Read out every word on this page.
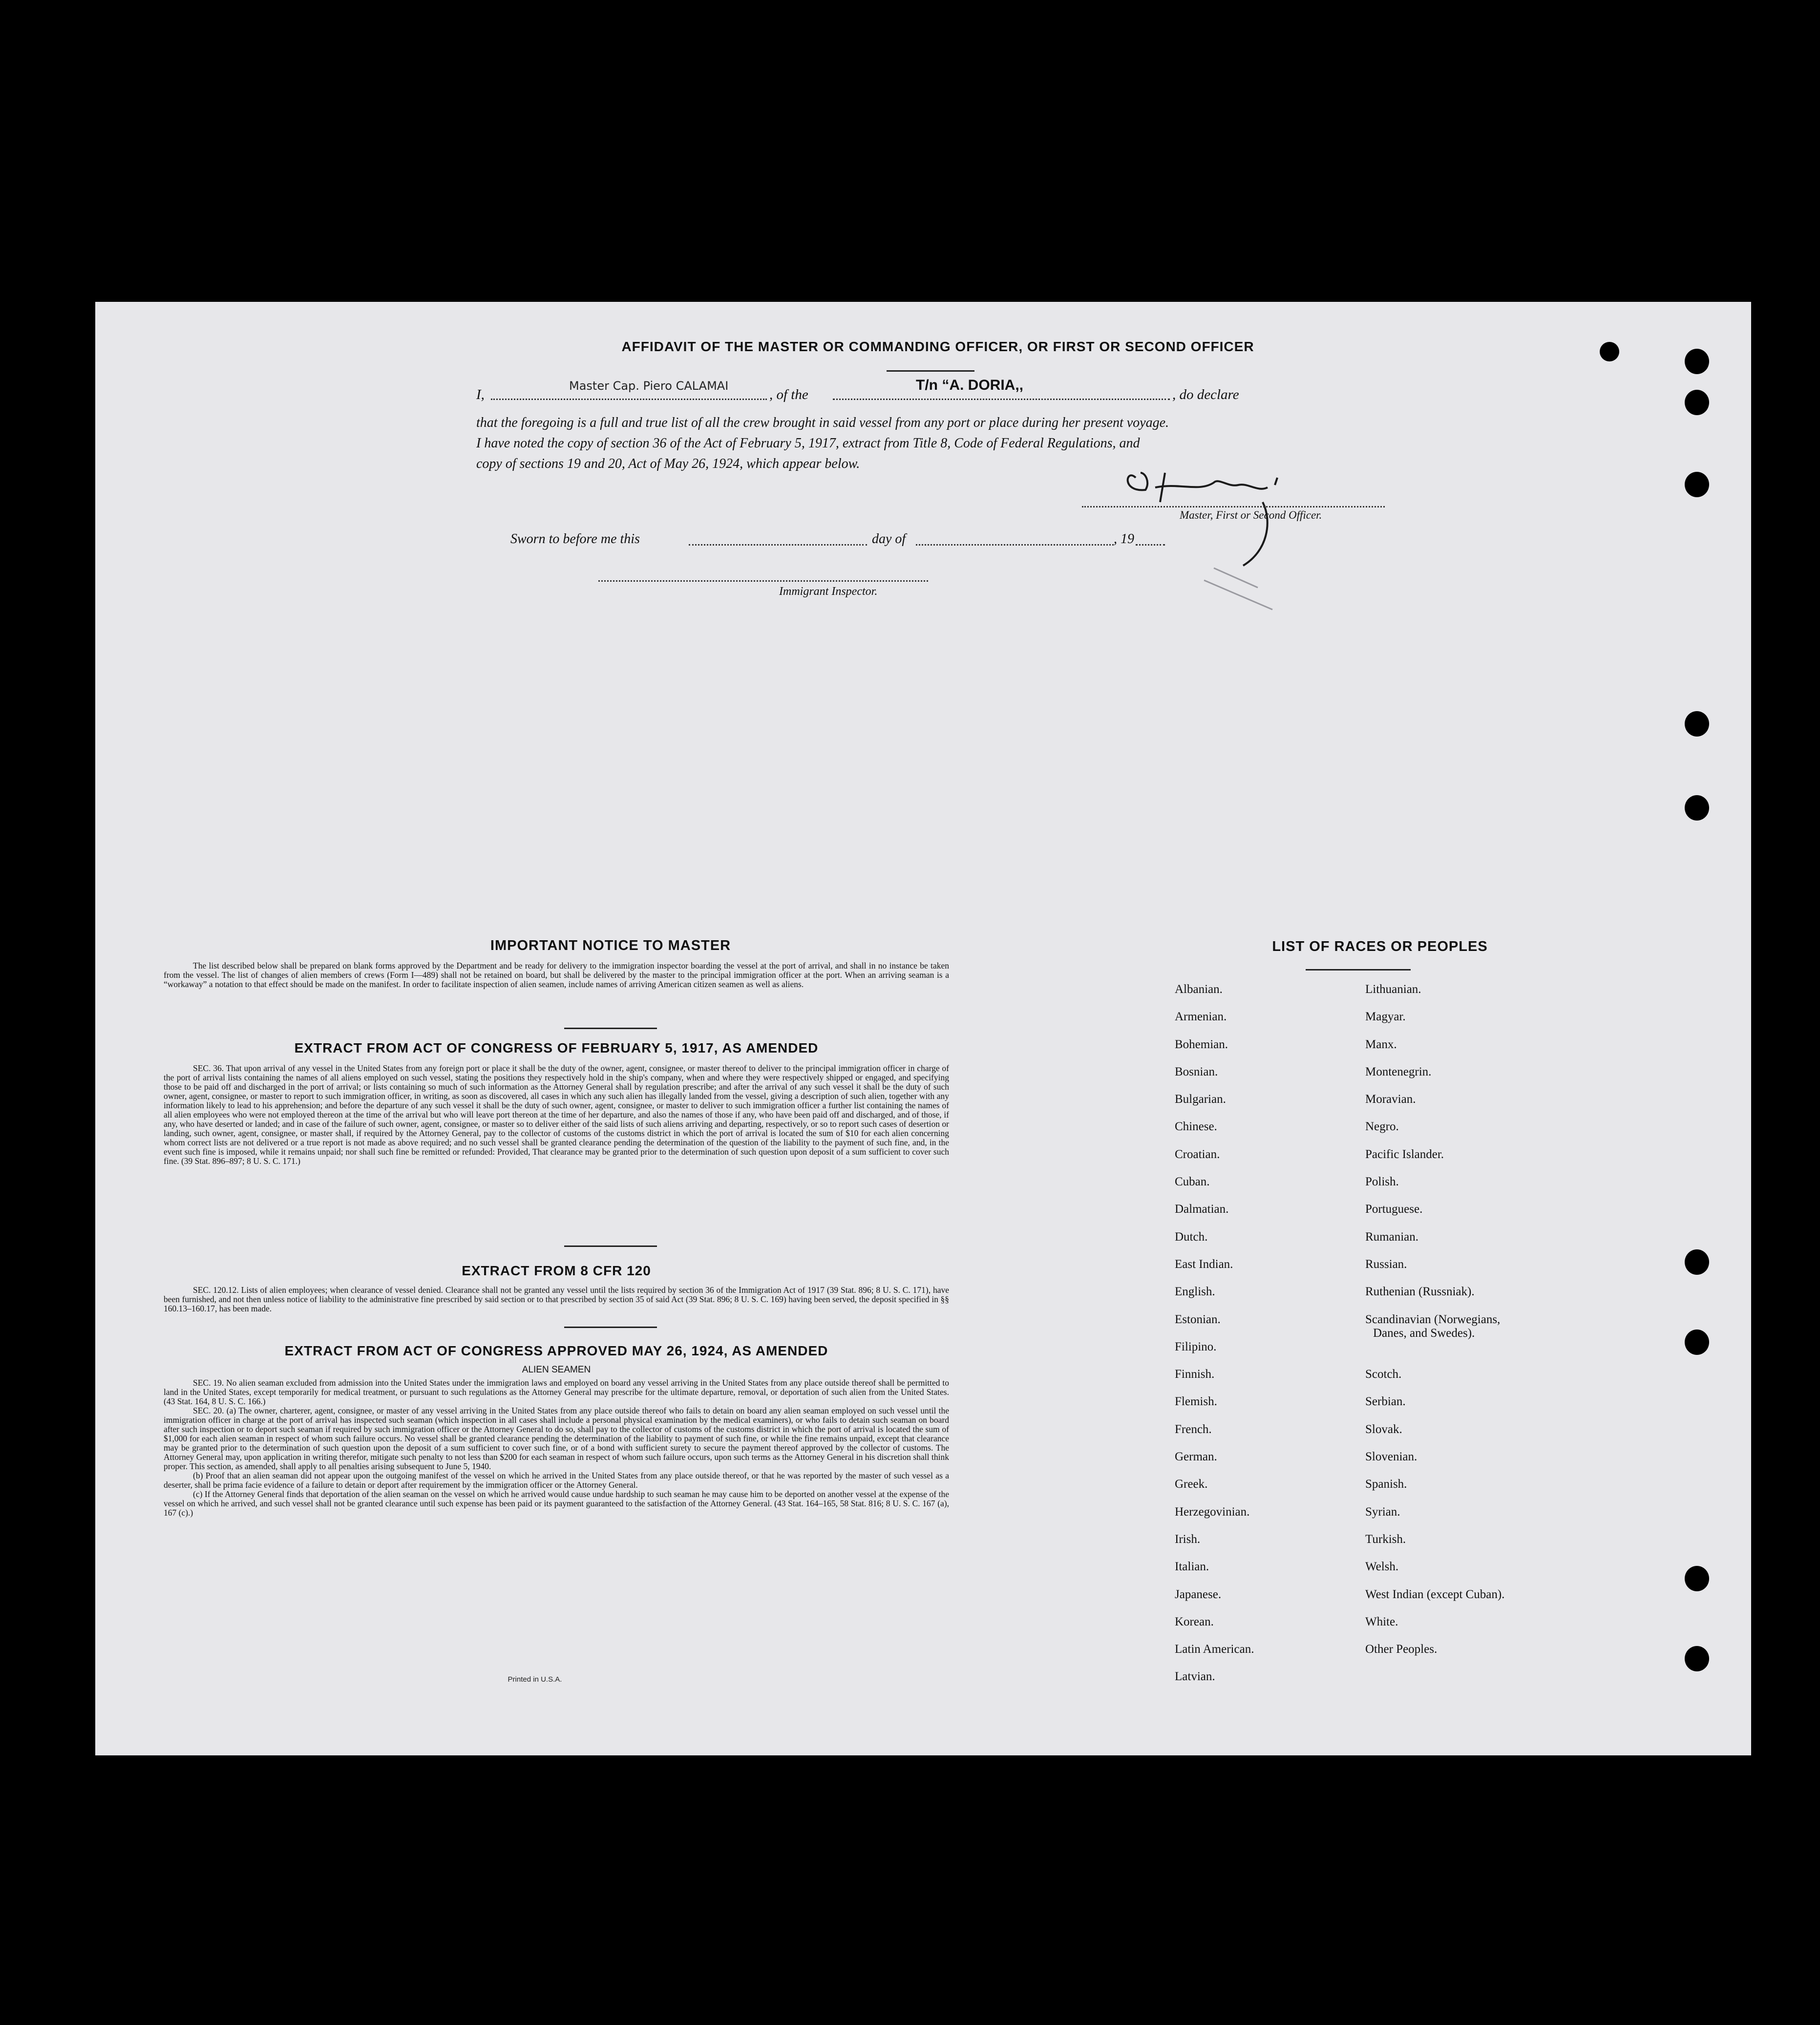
AFFIDAVIT OF THE MASTER OR COMMANDING OFFICER, OR FIRST OR SECOND OFFICER
I,
Master Cap. Piero CALAMAI
, of the
T/n “A. DORIA,,
, do declare
that the foregoing is a full and true list of all the crew brought in said vessel from any port or place during her present voyage.
I have noted the copy of section 36 of the Act of February 5, 1917, extract from Title 8, Code of Federal Regulations, and
copy of sections 19 and 20, Act of May 26, 1924, which appear below.
Master, First or Second Officer.
Sworn to before me this	day of	, 19
Immigrant Inspector.
IMPORTANT NOTICE TO MASTER
The list described below shall be prepared on blank forms approved by the Department and be ready for delivery to the immigration inspector boarding the vessel at the port of arrival, and shall in no instance be taken from the vessel. The list of changes of alien members of crews (Form I—489) shall not be retained on board, but shall be delivered by the master to the principal immigration officer at the port. When an arriving seaman is a “workaway” a notation to that effect should be made on the manifest. In order to facilitate inspection of alien seamen, include names of arriving American citizen seamen as well as aliens.
EXTRACT FROM ACT OF CONGRESS OF FEBRUARY 5, 1917, AS AMENDED
SEC. 36. That upon arrival of any vessel in the United States from any foreign port or place it shall be the duty of the owner, agent, consignee, or master thereof to deliver to the principal immigration officer in charge of the port of arrival lists containing the names of all aliens employed on such vessel, stating the positions they respectively hold in the ship's company, when and where they were respectively shipped or engaged, and specifying those to be paid off and discharged in the port of arrival; or lists containing so much of such information as the Attorney General shall by regulation prescribe; and after the arrival of any such vessel it shall be the duty of such owner, agent, consignee, or master to report to such immigration officer, in writing, as soon as discovered, all cases in which any such alien has illegally landed from the vessel, giving a description of such alien, together with any information likely to lead to his apprehension; and before the departure of any such vessel it shall be the duty of such owner, agent, consignee, or master to deliver to such immigration officer a further list containing the names of all alien employees who were not employed thereon at the time of the arrival but who will leave port thereon at the time of her departure, and also the names of those if any, who have been paid off and discharged, and of those, if any, who have deserted or landed; and in case of the failure of such owner, agent, consignee, or master so to deliver either of the said lists of such aliens arriving and departing, respectively, or so to report such cases of desertion or landing, such owner, agent, consignee, or master shall, if required by the Attorney General, pay to the collector of customs of the customs district in which the port of arrival is located the sum of $10 for each alien concerning whom correct lists are not delivered or a true report is not made as above required; and no such vessel shall be granted clearance pending the determination of the question of the liability to the payment of such fine, and, in the event such fine is imposed, while it remains unpaid; nor shall such fine be remitted or refunded: Provided, That clearance may be granted prior to the determination of such question upon deposit of a sum sufficient to cover such fine. (39 Stat. 896–897; 8 U. S. C. 171.)
EXTRACT FROM 8 CFR 120
SEC. 120.12. Lists of alien employees; when clearance of vessel denied. Clearance shall not be granted any vessel until the lists required by section 36 of the Immigration Act of 1917 (39 Stat. 896; 8 U. S. C. 171), have been furnished, and not then unless notice of liability to the administrative fine prescribed by said section or to that prescribed by section 35 of said Act (39 Stat. 896; 8 U. S. C. 169) having been served, the deposit specified in §§ 160.13–160.17, has been made.
EXTRACT FROM ACT OF CONGRESS APPROVED MAY 26, 1924, AS AMENDED
ALIEN SEAMEN
SEC. 19. No alien seaman excluded from admission into the United States under the immigration laws and employed on board any vessel arriving in the United States from any place outside thereof shall be permitted to land in the United States, except temporarily for medical treatment, or pursuant to such regulations as the Attorney General may prescribe for the ultimate departure, removal, or deportation of such alien from the United States. (43 Stat. 164, 8 U. S. C. 166.)
SEC. 20. (a) The owner, charterer, agent, consignee, or master of any vessel arriving in the United States from any place outside thereof who fails to detain on board any alien seaman employed on such vessel until the immigration officer in charge at the port of arrival has inspected such seaman (which inspection in all cases shall include a personal physical examination by the medical examiners), or who fails to detain such seaman on board after such inspection or to deport such seaman if required by such immigration officer or the Attorney General to do so, shall pay to the collector of customs of the customs district in which the port of arrival is located the sum of $1,000 for each alien seaman in respect of whom such failure occurs. No vessel shall be granted clearance pending the determination of the liability to payment of such fine, or while the fine remains unpaid, except that clearance may be granted prior to the determination of such question upon the deposit of a sum sufficient to cover such fine, or of a bond with sufficient surety to secure the payment thereof approved by the collector of customs. The Attorney General may, upon application in writing therefor, mitigate such penalty to not less than $200 for each seaman in respect of whom such failure occurs, upon such terms as the Attorney General in his discretion shall think proper. This section, as amended, shall apply to all penalties arising subsequent to June 5, 1940.
(b) Proof that an alien seaman did not appear upon the outgoing manifest of the vessel on which he arrived in the United States from any place outside thereof, or that he was reported by the master of such vessel as a deserter, shall be prima facie evidence of a failure to detain or deport after requirement by the immigration officer or the Attorney General.
(c) If the Attorney General finds that deportation of the alien seaman on the vessel on which he arrived would cause undue hardship to such seaman he may cause him to be deported on another vessel at the expense of the vessel on which he arrived, and such vessel shall not be granted clearance until such expense has been paid or its payment guaranteed to the satisfaction of the Attorney General. (43 Stat. 164–165, 58 Stat. 816; 8 U. S. C. 167 (a), 167 (c).)
Printed in U.S.A.
LIST OF RACES OR PEOPLES
Albanian.
Armenian.
Bohemian.
Bosnian.
Bulgarian.
Chinese.
Croatian.
Cuban.
Dalmatian.
Dutch.
East Indian.
English.
Estonian.
Filipino.
Finnish.
Flemish.
French.
German.
Greek.
Herzegovinian.
Irish.
Italian.
Japanese.
Korean.
Latin American.
Latvian.
Lithuanian.
Magyar.
Manx.
Montenegrin.
Moravian.
Negro.
Pacific Islander.
Polish.
Portuguese.
Rumanian.
Russian.
Ruthenian (Russniak).
Scandinavian (Norwegians,
Danes, and Swedes).
Scotch.
Serbian.
Slovak.
Slovenian.
Spanish.
Syrian.
Turkish.
Welsh.
West Indian (except Cuban).
White.
Other Peoples.
